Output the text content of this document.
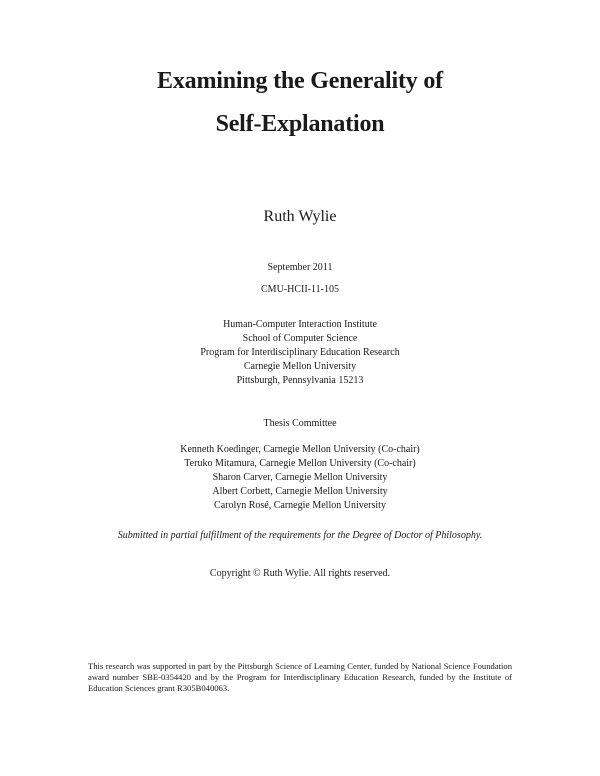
Examining the Generality of
Self-Explanation
Ruth Wylie
September 2011
CMU-HCII-11-105
Human-Computer Interaction Institute
School of Computer Science
Program for Interdisciplinary Education Research
Carnegie Mellon University
Pittsburgh, Pennsylvania 15213
Thesis Committee
Kenneth Koedinger, Carnegie Mellon University (Co-chair)
Teruko Mitamura, Carnegie Mellon University (Co-chair)
Sharon Carver, Carnegie Mellon University
Albert Corbett, Carnegie Mellon University
Carolyn Rosé, Carnegie Mellon University
Submitted in partial fulfillment of the requirements for the Degree of Doctor of Philosophy.
Copyright © Ruth Wylie. All rights reserved.
This research was supported in part by the Pittsburgh Science of Learning Center, funded by National Science Foundation award number SBE-0354420 and by the Program for Interdisciplinary Education Research, funded by the Institute of Education Sciences grant R305B040063.
